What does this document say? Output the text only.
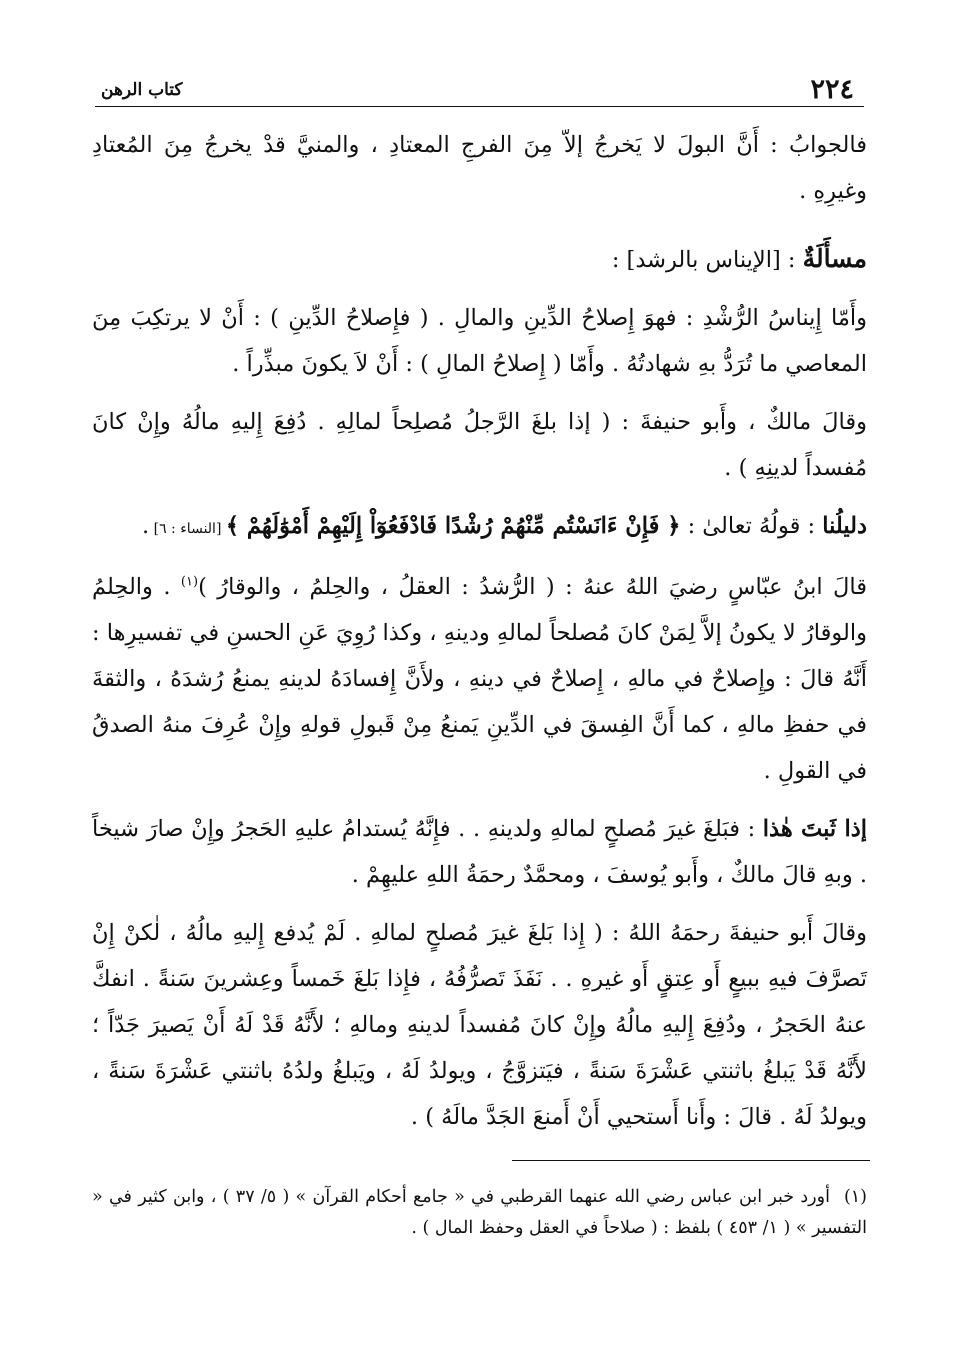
٢٢٤
كتاب الرهن

فالجوابُ : أَنَّ البولَ لا يَخرجُ إلاّ مِنَ الفرجِ المعتادِ ، والمنيَّ قدْ يخرجُ مِنَ المُعتادِ وغيرِهِ .

مسأَلَةٌ : [الإيناس بالرشد] :

وأَمّا إِيناسُ الرُّشْدِ : فهوَ إِصلاحُ الدِّينِ والمالِ . ( فإِصلاحُ الدِّينِ ) : أَنْ لا يرتكِبَ مِنَ المعاصي ما تُرَدُّ بهِ شهادتُهُ . وأَمّا ( إِصلاحُ المالِ ) : أَنْ لاَ يكونَ مبذِّراً .

وقالَ مالكٌ ، وأَبو حنيفةَ : ( إذا بلغَ الرَّجلُ مُصلِحاً لمالِهِ . دُفِعَ إِليهِ مالُهُ وإِنْ كانَ مُفسداً لدينِهِ ) .

دليلُنا : قولُهُ تعالىٰ : ﴿ فَإِنْ ءَانَسْتُم مِّنْهُمْ رُشْدًا فَادْفَعُوٓاْ إِلَيْهِمْ أَمْوَٰلَهُمْ ﴾ [النساء : ٦] .

قالَ ابنُ عبّاسٍ رضيَ اللهُ عنهُ : ( الرُّشدُ : العقلُ ، والحِلمُ ، والوقارُ )$^{(١)}$ . والحِلمُ والوقارُ لا يكونُ إلاَّ لِمَنْ كانَ مُصلحاً لمالهِ ودينهِ ، وكذا رُوِيَ عَنِ الحسنِ في تفسيرِها : أَنَّهُ قالَ : وإِصلاحٌ في مالهِ ، إِصلاحٌ في دينهِ ، ولأَنَّ إِفسادَهُ لدينهِ يمنعُ رُشدَهُ ، والثقةَ في حفظِ مالهِ ، كما أَنَّ الفِسقَ في الدِّينِ يَمنعُ مِنْ قَبولِ قولهِ وإِنْ عُرِفَ منهُ الصدقُ في القولِ .

إذا ثَبتَ هٰذا : فبَلغَ غيرَ مُصلحٍ لمالهِ ولدينهِ . . فإِنَّهُ يُستدامُ عليهِ الحَجرُ وإِنْ صارَ شيخاً . وبهِ قالَ مالكٌ ، وأَبو يُوسفَ ، ومحمَّدٌ رحمَةُ اللهِ عليهِمْ .

وقالَ أَبو حنيفةَ رحمَهُ اللهُ : ( إِذا بَلغَ غيرَ مُصلحٍ لمالهِ . لَمْ يُدفع إِليهِ مالُهُ ، لٰكنْ إِنْ تَصرَّفَ فيهِ ببيعٍ أَو عِتقٍ أَو غيرهِ . . نَفَذَ تَصرُّفُهُ ، فإِذا بَلغَ خَمساً وعِشرينَ سَنةً . انفكَّ عنهُ الحَجرُ ، ودُفِعَ إِليهِ مالُهُ وإِنْ كانَ مُفسداً لدينهِ ومالهِ ؛ لأَنَّهُ قَدْ لَهُ أَنْ يَصيرَ جَدّاً ؛ لأَنَّهُ قَدْ يَبلغُ باثنتي عَشْرَةَ سَنةً ، فيَتزوَّجُ ، ويولدُ لَهُ ، ويَبلغُ ولدُهُ باثنتي عَشْرَةَ سَنةً ، ويولدُ لَهُ . قالَ : وأَنا أَستحيي أَنْ أَمنعَ الجَدَّ مالَهُ ) .

(١)أورد خبر ابن عباس رضي الله عنهما القرطبي في « جامع أحكام القرآن » ( ٥/ ٣٧ ) ، وابن كثير في « التفسير » ( ١/ ٤٥٣ ) بلفظ : ( صلاحاً في العقل وحفظ المال ) .
